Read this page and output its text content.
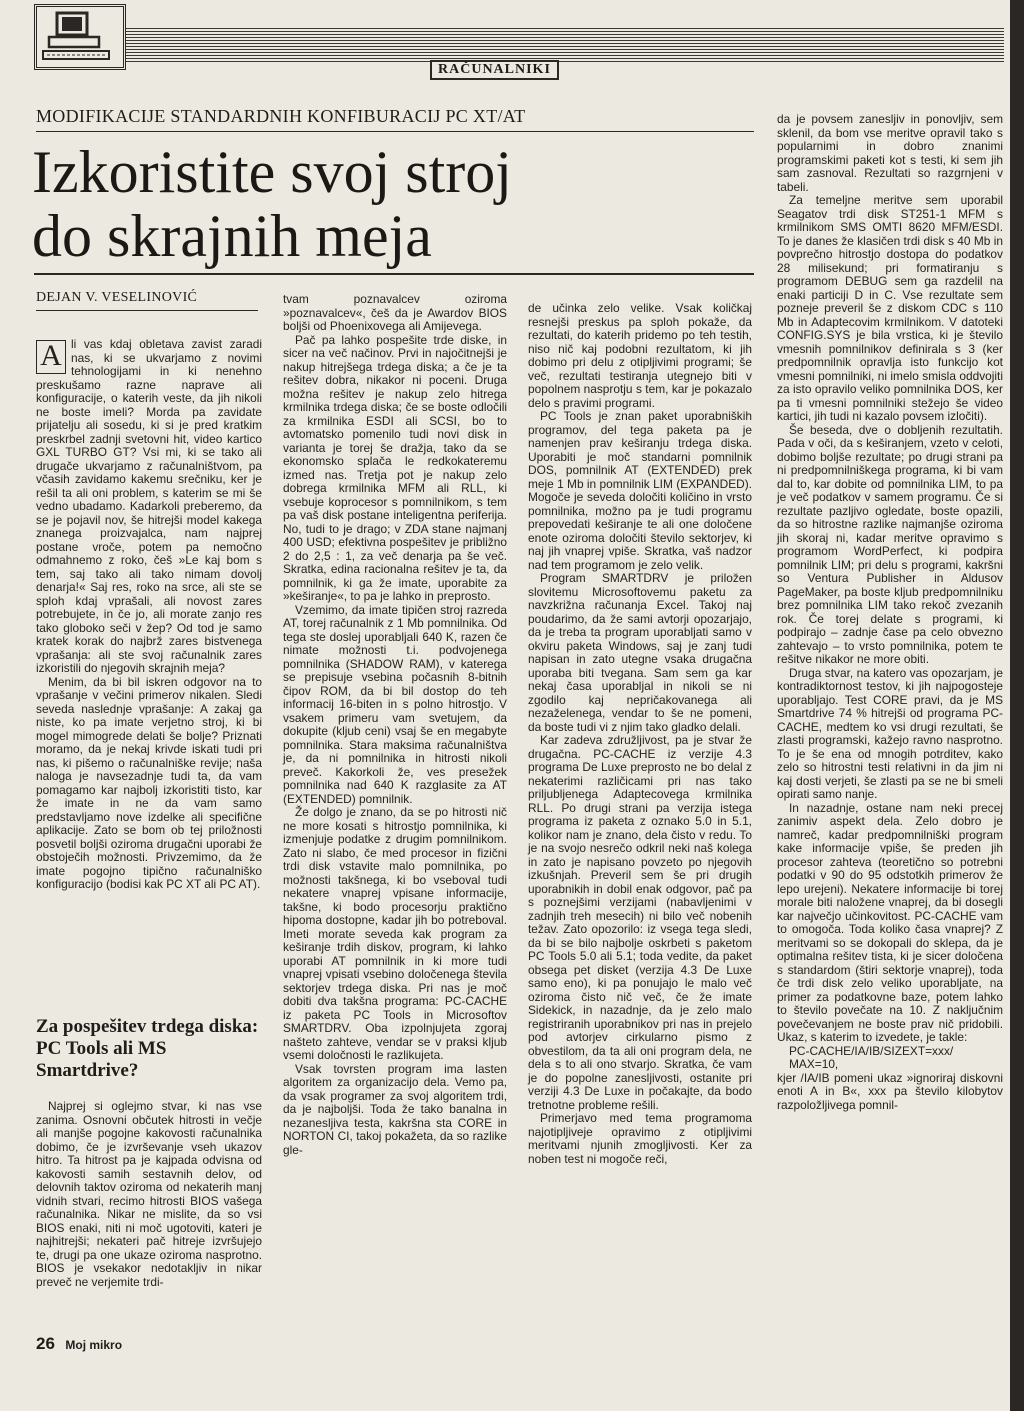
RAČUNALNIKI
MODIFIKACIJE STANDARDNIH KONFIBURACIJ PC XT/AT
Izkoristite svoj stroj
do skrajnih meja
DEJAN V. VESELINOVIĆ

A li vas kdaj obletava zavist zaradi nas, ki se ukvarjamo z novimi tehnologijami in ki nenehno preskušamo razne naprave ali konfiguracije, o katerih veste, da jih nikoli ne boste imeli? Morda pa zavidate prijatelju ali sosedu, ki si je pred kratkim preskrbel zadnji svetovni hit, video kartico GXL TURBO GT? Vsi mi, ki se tako ali drugače ukvarjamo z računalništvom, pa včasih zavidamo kakemu srečniku, ker je rešil ta ali oni problem, s katerim se mi še vedno ubadamo. Kadarkoli preberemo, da se je pojavil nov, še hitrejši model kakega znanega proizvajalca, nam najprej postane vroče, potem pa nemočno odmahnemo z roko, češ »Le kaj bom s tem, saj tako ali tako nimam dovolj denarja!« Saj res, roko na srce, ali ste se sploh kdaj vprašali, ali novost zares potrebujete, in če jo, ali morate zanjo res tako globoko seči v žep? Od tod je samo kratek korak do najbrž zares bistvenega vprašanja: ali ste svoj računalnik zares izkoristili do njegovih skrajnih meja?

Menim, da bi bil iskren odgovor na to vprašanje v večini primerov nikalen. Sledi seveda naslednje vprašanje: A zakaj ga niste, ko pa imate verjetno stroj, ki bi mogel mimogrede delati še bolje? Priznati moramo, da je nekaj krivde iskati tudi pri nas, ki pišemo o računalniške revije; naša naloga je navsezadnje tudi ta, da vam pomagamo kar najbolj izkoristiti tisto, kar že imate in ne da vam samo predstavljamo nove izdelke ali specifične aplikacije. Zato se bom ob tej priložnosti posvetil boljši oziroma drugačni uporabi že obstoječih možnosti. Privzemimo, da že imate pogojno tipično računalniško konfiguracijo (bodisi kak PC XT ali PC AT).

Za pospešitev trdega diska: PC Tools ali MS Smartdrive?

Najprej si oglejmo stvar, ki nas vse zanima. Osnovni občutek hitrosti in večje ali manjše pogojne kakovosti računalnika dobimo, če je izvrševanje vseh ukazov hitro. Ta hitrost pa je kajpada odvisna od kakovosti samih sestavnih delov, od delovnih taktov oziroma od nekaterih manj vidnih stvari, recimo hitrosti BIOS vašega računalnika. Nikar ne mislite, da so vsi BIOS enaki, niti ni moč ugotoviti, kateri je najhitrejši; nekateri pač hitreje izvršujejo te, drugi pa one ukaze oziroma nasprotno. BIOS je vsekakor nedotakljiv in nikar preveč ne verjemite trdi-

tvam poznavalcev oziroma »poznavalcev«, češ da je Awardov BIOS boljši od Phoenixovega ali Amijevega.

Pač pa lahko pospešite trde diske, in sicer na več načinov. Prvi in najočitnejši je nakup hitrejšega trdega diska; a če je ta rešitev dobra, nikakor ni poceni. Druga možna rešitev je nakup zelo hitrega krmilnika trdega diska; če se boste odločili za krmilnika ESDI ali SCSI, bo to avtomatsko pomenilo tudi novi disk in varianta je torej še dražja, tako da se ekonomsko splača le redkokateremu izmed nas. Tretja pot je nakup zelo dobrega krmilnika MFM ali RLL, ki vsebuje koprocesor s pomnilnikom, s tem pa vaš disk postane inteligentna periferija. No, tudi to je drago; v ZDA stane najmanj 400 USD; efektivna pospešitev je približno 2 do 2,5 : 1, za več denarja pa še več. Skratka, edina racionalna rešitev je ta, da pomnilnik, ki ga že imate, uporabite za »keširanje«, to pa je lahko in preprosto.

Vzemimo, da imate tipičen stroj razreda AT, torej računalnik z 1 Mb pomnilnika. Od tega ste doslej uporabljali 640 K, razen če nimate možnosti t.i. podvojenega pomnilnika (SHADOW RAM), v katerega se prepisuje vsebina počasnih 8-bitnih čipov ROM, da bi bil dostop do teh informacij 16-biten in s polno hitrostjo. V vsakem primeru vam svetujem, da dokupite (kljub ceni) vsaj še en megabyte pomnilnika. Stara maksima računalništva je, da ni pomnilnika in hitrosti nikoli preveč. Kakorkoli že, ves presežek pomnilnika nad 640 K razglasite za AT (EXTENDED) pomnilnik.

Že dolgo je znano, da se po hitrosti nič ne more kosati s hitrostjo pomnilnika, ki izmenjuje podatke z drugim pomnilnikom. Zato ni slabo, če med procesor in fizični trdi disk vstavite malo pomnilnika, po možnosti takšnega, ki bo vseboval tudi nekatere vnaprej vpisane informacije, takšne, ki bodo procesorju praktično hipoma dostopne, kadar jih bo potreboval. Imeti morate seveda kak program za keširanje trdih diskov, program, ki lahko uporabi AT pomnilnik in ki more tudi vnaprej vpisati vsebino določenega števila sektorjev trdega diska. Pri nas je moč dobiti dva takšna programa: PC-CACHE iz paketa PC Tools in Microsoftov SMARTDRV. Oba izpolnjujeta zgoraj našteto zahteve, vendar se v praksi kljub vsemi določnosti le razlikujeta.

Vsak tovrsten program ima lasten algoritem za organizacijo dela. Vemo pa, da vsak programer za svoj algoritem trdi, da je najboljši. Toda že tako banalna in nezanesljiva testa, kakršna sta CORE in NORTON CI, takoj pokažeta, da so razlike gle-

de učinka zelo velike. Vsak količkaj resnejši preskus pa sploh pokaže, da rezultati, do katerih pridemo po teh testih, niso nič kaj podobni rezultatom, ki jih dobimo pri delu z otipljivimi programi; še več, rezultati testiranja utegnejo biti v popolnem nasprotju s tem, kar je pokazalo delo s pravimi programi.

PC Tools je znan paket uporabniških programov, del tega paketa pa je namenjen prav keširanju trdega diska. Uporabiti je moč standarni pomnilnik DOS, pomnilnik AT (EXTENDED) prek meje 1 Mb in pomnilnik LIM (EXPANDED). Mogoče je seveda določiti količino in vrsto pomnilnika, možno pa je tudi programu prepovedati keširanje te ali one določene enote oziroma določiti število sektorjev, ki naj jih vnaprej vpiše. Skratka, vaš nadzor nad tem programom je zelo velik.

Program SMARTDRV je priložen slovitemu Microsoftovemu paketu za navzkrižna računanja Excel. Takoj naj poudarimo, da že sami avtorji opozarjajo, da je treba ta program uporabljati samo v okviru paketa Windows, saj je zanj tudi napisan in zato utegne vsaka drugačna uporaba biti tvegana. Sam sem ga kar nekaj časa uporabljal in nikoli se ni zgodilo kaj nepričakovanega ali nezaželenega, vendar to še ne pomeni, da boste tudi vi z njim tako gladko delali.

Kar zadeva združljivost, pa je stvar že drugačna. PC-CACHE iz verzije 4.3 programa De Luxe preprosto ne bo delal z nekaterimi različicami pri nas tako priljubljenega Adaptecovega krmilnika RLL. Po drugi strani pa verzija istega programa iz paketa z oznako 5.0 in 5.1, kolikor nam je znano, dela čisto v redu. To je na svojo nesrečo odkril neki naš kolega in zato je napisano povzeto po njegovih izkušnjah. Preveril sem še pri drugih uporabnikih in dobil enak odgovor, pač pa s poznejšimi verzijami (nabavljenimi v zadnjih treh mesecih) ni bilo več nobenih težav. Zato opozorilo: iz vsega tega sledi, da bi se bilo najbolje oskrbeti s paketom PC Tools 5.0 ali 5.1; toda vedite, da paket obsega pet disket (verzija 4.3 De Luxe samo eno), ki pa ponujajo le malo več oziroma čisto nič več, če že imate Sidekick, in nazadnje, da je zelo malo registriranih uporabnikov pri nas in prejelo pod avtorjev cirkularno pismo z obvestilom, da ta ali oni program dela, ne dela s to ali ono stvarjo. Skratka, če vam je do popolne zanesljivosti, ostanite pri verziji 4.3 De Luxe in počakajte, da bodo tretnotne probleme rešili.

Primerjavo med tema programoma najotipljiveje opravimo z otipljivimi meritvami njunih zmogljivosti. Ker za noben test ni mogoče reči,

da je povsem zanesljiv in ponovljiv, sem sklenil, da bom vse meritve opravil tako s popularnimi in dobro znanimi programskimi paketi kot s testi, ki sem jih sam zasnoval. Rezultati so razgrnjeni v tabeli.

Za temeljne meritve sem uporabil Seagatov trdi disk ST251-1 MFM s krmilnikom SMS OMTI 8620 MFM/ESDI. To je danes že klasičen trdi disk s 40 Mb in povprečno hitrostjo dostopa do podatkov 28 milisekund; pri formatiranju s programom DEBUG sem ga razdelil na enaki particiji D in C. Vse rezultate sem pozneje preveril še z diskom CDC s 110 Mb in Adaptecovim krmilnikom. V datoteki CONFIG.SYS je bila vrstica, ki je število vmesnih pomnilnikov definirala s 3 (ker predpomnilnik opravlja isto funkcijo kot vmesni pomnilniki, ni imelo smisla oddvojiti za isto opravilo veliko pomnilnika DOS, ker pa ti vmesni pomnilniki stežejo še video kartici, jih tudi ni kazalo povsem izločiti).

Še beseda, dve o dobljenih rezultatih. Pada v oči, da s keširanjem, vzeto v celoti, dobimo boljše rezultate; po drugi strani pa ni predpomnilniškega programa, ki bi vam dal to, kar dobite od pomnilnika LIM, to pa je več podatkov v samem programu. Če si rezultate pazljivo ogledate, boste opazili, da so hitrostne razlike najmanjše oziroma jih skoraj ni, kadar meritve opravimo s programom WordPerfect, ki podpira pomnilnik LIM; pri delu s programi, kakršni so Ventura Publisher in Aldusov PageMaker, pa boste kljub predpomnilniku brez pomnilnika LIM tako rekoč zvezanih rok. Če torej delate s programi, ki podpirajo – zadnje čase pa celo obvezno zahtevajo – to vrsto pomnilnika, potem te rešitve nikakor ne more obiti.

Druga stvar, na katero vas opozarjam, je kontradiktornost testov, ki jih najpogosteje uporabljajo. Test CORE pravi, da je MS Smartdrive 74 % hitrejši od programa PC-CACHE, medtem ko vsi drugi rezultati, še zlasti programski, kažejo ravno nasprotno. To je še ena od mnogih potrditev, kako zelo so hitrostni testi relativni in da jim ni kaj dosti verjeti, še zlasti pa se ne bi smeli opirati samo nanje.

In nazadnje, ostane nam neki precej zanimiv aspekt dela. Zelo dobro je namreč, kadar predpomnilniški program kake informacije vpiše, še preden jih procesor zahteva (teoretično so potrebni podatki v 90 do 95 odstotkih primerov že lepo urejeni). Nekatere informacije bi torej morale biti naložene vnaprej, da bi dosegli kar največjo učinkovitost. PC-CACHE vam to omogoča. Toda koliko časa vnaprej? Z meritvami so se dokopali do sklepa, da je optimalna rešitev tista, ki je sicer določena s standardom (štiri sektorje vnaprej), toda če trdi disk zelo veliko uporabljate, na primer za podatkovne baze, potem lahko to število povečate na 10. Z naključnim povečevanjem ne boste prav nič pridobili. Ukaz, s katerim to izvedete, je takle:

PC-CACHE/IA/IB/SIZEXT=xxx/

MAX=10,

kjer /IA/IB pomeni ukaz »ignoriraj diskovni enoti A in B«, xxx pa število kilobytov razpoložljivega pomnil-

26 Moj mikro
